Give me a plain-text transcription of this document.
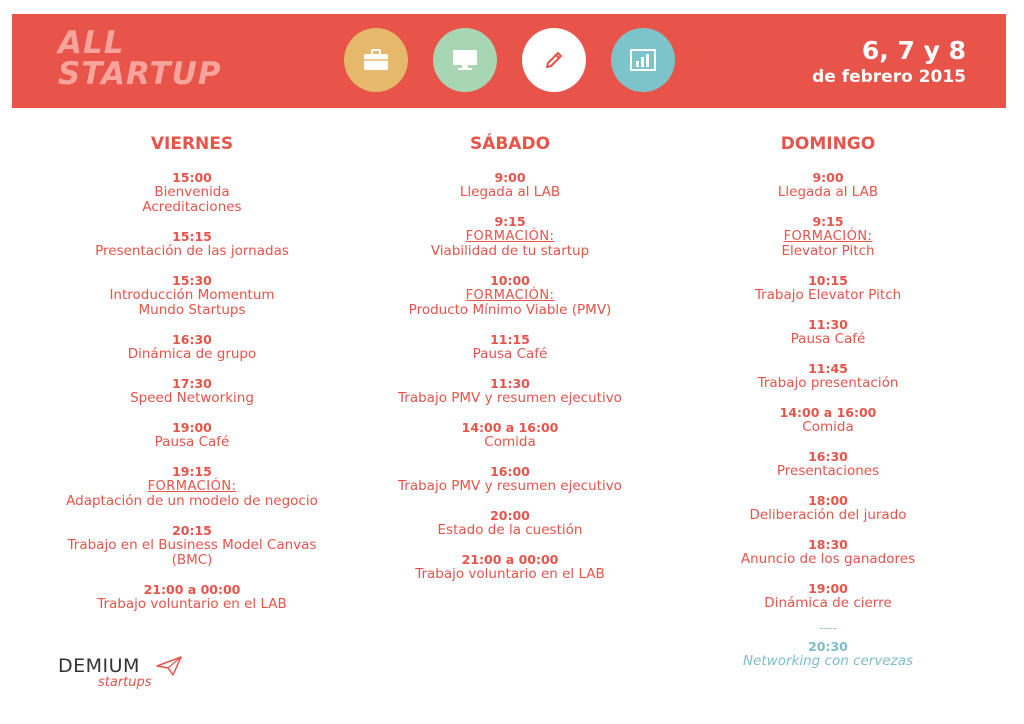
ALL
STARTUP
6, 7 y 8
de febrero 2015
VIERNES
15:00
Bienvenida
Acreditaciones
15:15
Presentación de las jornadas
15:30
Introducción Momentum
Mundo Startups
16:30
Dinámica de grupo
17:30
Speed Networking
19:00
Pausa Café
19:15
FORMACIÓN:
Adaptación de un modelo de negocio
20:15
Trabajo en el Business Model Canvas
(BMC)
21:00 a 00:00
Trabajo voluntario en el LAB
SÁBADO
9:00
Llegada al LAB
9:15
FORMACIÓN:
Viabilidad de tu startup
10:00
FORMACIÓN:
Producto Mínimo Viable (PMV)
11:15
Pausa Café
11:30
Trabajo PMV y resumen ejecutivo
14:00 a 16:00
Comida
16:00
Trabajo PMV y resumen ejecutivo
20:00
Estado de la cuestión
21:00 a 00:00
Trabajo voluntario en el LAB
DOMINGO
9:00
Llegada al LAB
9:15
FORMACIÓN:
Elevator Pitch
10:15
Trabajo Elevator Pitch
11:30
Pausa Café
11:45
Trabajo presentación
14:00 a 16:00
Comida
16:30
Presentaciones
18:00
Deliberación del jurado
18:30
Anuncio de los ganadores
19:00
Dinámica de cierre
----
20:30
Networking con cervezas
DEMIUM
startups
